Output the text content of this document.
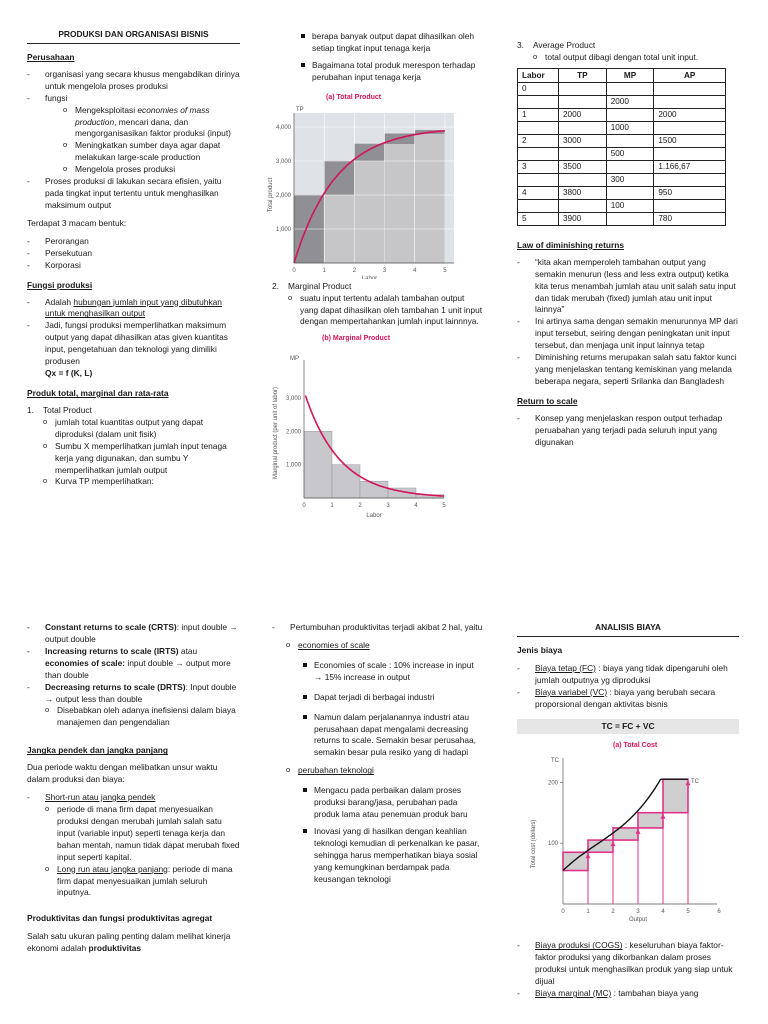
PRODUKSI DAN ORGANISASI BISNIS
Perusahaan
- organisasi yang secara khusus mengabdikan dirinya untuk mengelola proses produksi
- fungsi
o Mengeksploitasi economies of mass production, mencari dana, dan mengorganisasikan faktor produksi (input)
o Meningkatkan sumber daya agar dapat melakukan large-scale production
o Mengelola proses produksi
- Proses produksi di lakukan secara efisien, yaitu pada tingkat input tertentu untuk menghasilkan maksimum output
Terdapat 3 macam bentuk:
- Perorangan
- Persekutuan
- Korporasi
Fungsi produksi
- Adalah hubungan jumlah input yang dibutuhkan untuk menghasilkan output
- Jadi, fungsi produksi memperlihatkan maksimum output yang dapat dihasilkan atas given kuantitas input, pengetahuan dan teknologi yang dimiliki produsen
Qx = f (K, L)
Produk total, marginal dan rata-rata
1. Total Product
o jumlah total kuantitas output yang dapat diproduksi (dalam unit fisik)
o Sumbu X memperlihatkan jumlah input tenaga kerja yang digunakan, dan sumbu Y memperlihatkan jumlah output
o Kurva TP memperlihatkan:
berapa banyak output dapat dihasilkan oleh setiap tingkat input tenaga kerja
Bagaimana total produk merespon terhadap perubahan input tenaga kerja
(a) Total Product
4,000
3,000
2,000
1,000
0	1	2	3	4	5
TP
Labor
Total product
2. Marginal Product
o suatu input tertentu adalah tambahan output yang dapat dihasilkan oleh tambahan 1 unit input dengan mempertahankan jumlah input lainnnya.
(b) Marginal Product
3,000
2,000
1,000
0	1	2	3	4	5
MP
Labor
Marginal product (per unit of labor)
3. Average Product
o total output dibagi dengan total unit input.
Labor	TP	MP	AP
0			
		2000	
1	2000		2000
		1000	
2	3000		1500
		500	
3	3500		1.166,67
		300	
4	3800		950
		100	
5	3900		780
Law of diminishing returns
- “kita akan memperoleh tambahan output yang semakin menurun (less and less extra output) ketika kita terus menambah jumlah atau unit salah satu input dan tidak merubah (fixed) jumlah atau unit input lainnya”
- Ini artinya sama dengan semakin menurunnya MP dari input tersebut, seiring dengan peningkatan unit input tersebut, dan menjaga unit input lainnya tetap
- Diminishing returns merupakan salah satu faktor kunci yang menjelaskan tentang kemiskinan yang melanda beberapa negara, seperti Srilanka dan Bangladesh
Return to scale
- Konsep yang menjelaskan respon output terhadap peruabahan yang terjadi pada seluruh input yang digunakan
- Constant returns to scale (CRTS): input double → output double
- Increasing returns to scale (IRTS) atau economies of scale: input double → output more than double
- Decreasing returns to scale (DRTS): Input double → output less than double
o Disebabkan oleh adanya inefisiensi dalam biaya manajemen dan pengendalian
Jangka pendek dan jangka panjang
Dua periode waktu dengan melibatkan unsur waktu dalam produksi dan biaya:
- Short-run atau jangka pendek
o periode di mana firm dapat menyesuaikan produksi dengan merubah jumlah salah satu input (variable input) seperti tenaga kerja dan bahan mentah, namun tidak dapat merubah fixed input seperti kapital.
o Long run atau jangka panjang: periode di mana firm dapat menyesuaikan jumlah seluruh inputnya.
Produktivitas dan fungsi produktivitas agregat
Salah satu ukuran paling penting dalam melihat kinerja ekonomi adalah produktivitas
- Pertumbuhan produktivitas terjadi akibat 2 hal, yaitu
o economies of scale
Economies of scale : 10% increase in input → 15% increase in output
Dapat terjadi di berbagai industri
Namun dalam perjalanannya industri atau perusahaan dapat mengalami decreasing returns to scale. Semakin besar perusahaa, semakin besar pula resiko yang di hadapi
o perubahan teknologi
Mengacu pada perbaikan dalam proses produksi barang/jasa, perubahan pada produk lama atau penemuan produk baru
Inovasi yang di hasilkan dengan keahlian teknologi kemudian di perkenalkan ke pasar, sehingga harus memperhatikan biaya sosial yang kemungkinan berdampak pada keusangan teknologi
ANALISIS BIAYA
Jenis biaya
- Biaya tetap (FC) : biaya yang tidak dipengaruhi oleh jumlah outputnya yg diproduksi
- Biaya variabel (VC) : biaya yang berubah secara proporsional dengan aktivitas bisnis
TC = FC + VC
(a) Total Cost
200
100
0	1	2	3	4	5	6
TC
TC
Output
Total cost (dollars)
- Biaya produksi (COGS) : keseluruhan biaya faktor-faktor produksi yang dikorbankan dalam proses produksi untuk menghasilkan produk yang siap untuk dijual
- Biaya marginal (MC) : tambahan biaya yang
